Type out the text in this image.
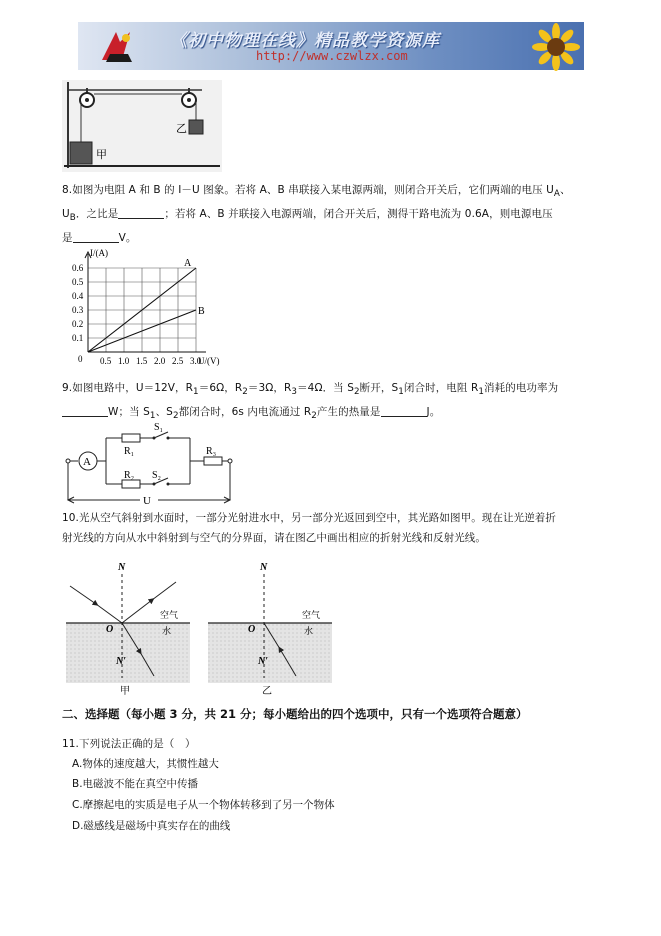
《初中物理在线》精品教学资源库
http://www.czwlzx.com
甲
乙
8.如图为电阻 A 和 B 的 I－U 图象。若将 A、B 串联接入某电源两端，则闭合开关后，它们两端的电压 $U_A$、
$U_B$．之比是	；若将 A、B 并联接入电源两端，闭合开关后，测得干路电流为 0.6A，则电源电压
是	V。
0.5 1.0 1.5 2.0 2.5 3.0
0.1
0.2
0.3
0.4
0.5
0.6	A
B
I/(A)
U/(V)
0
9.如图电路中，U＝12V，$R_1=6\Omega$，$R_2=3\Omega$，$R_3=4\Omega$．当 $S_2$断开，$S_1$闭合时，电阻 $R_1$消耗的电功率为
W；当 $S_1$、$S_2$都闭合时，6s 内电流通过 $R_2$产生的热量是	J。
A
R₁
R₂
R₃
S₁
S₂
U
10.光从空气斜射到水面时，一部分光射进水中，另一部分光返回到空中，其光路如图甲。现在让光逆着折
射光线的方向从水中斜射到与空气的分界面，请在图乙中画出相应的折射光线和反射光线。
N
O
空气
水
N′
甲
N
O
空气
水
N′
乙
二、选择题（每小题 3 分，共 21 分；每小题给出的四个选项中，只有一个选项符合题意）
11.下列说法正确的是（　）
A.物体的速度越大，其惯性越大
B.电磁波不能在真空中传播
C.摩擦起电的实质是电子从一个物体转移到了另一个物体
D.磁感线是磁场中真实存在的曲线
